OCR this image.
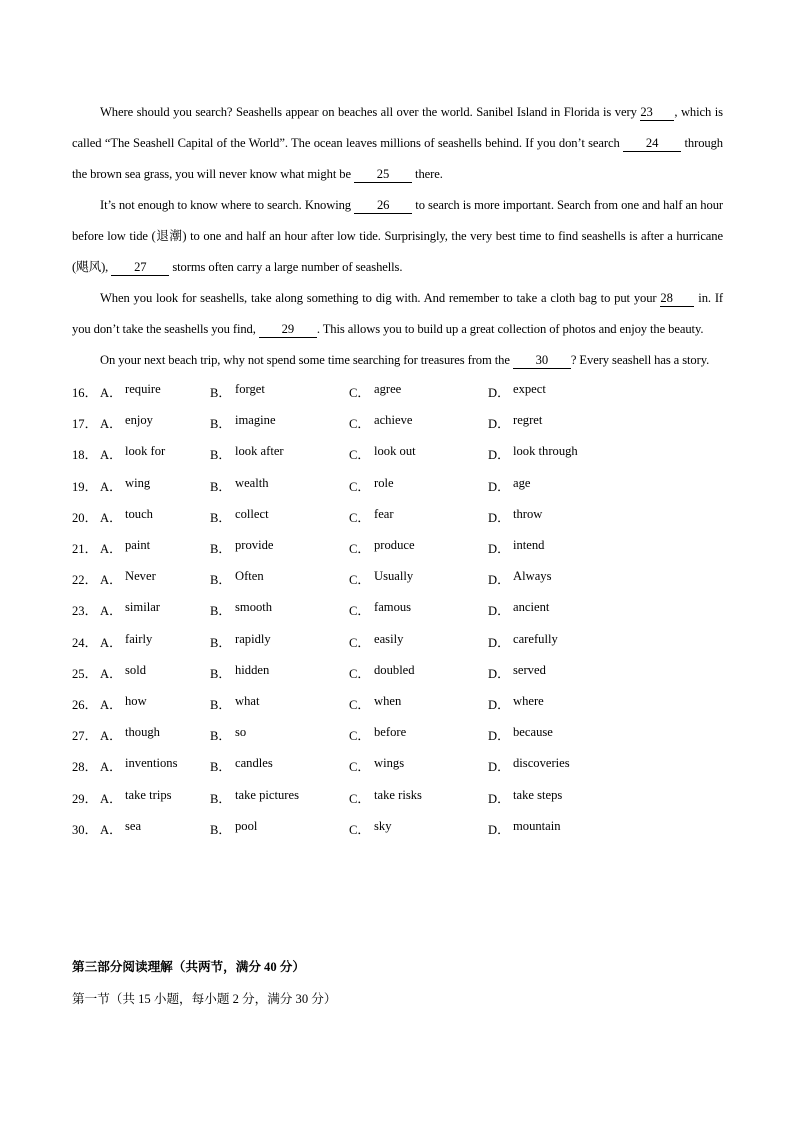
Where should you search? Seashells appear on beaches all over the world. Sanibel Island in Florida is very 23 , which is called “The Seashell Capital of the World”. The ocean leaves millions of seashells behind. If you don’t search 24 through the brown sea grass, you will never know what might be 25 there.

It’s not enough to know where to search. Knowing 26 to search is more important. Search from one and half an hour before low tide (退潮) to one and half an hour after low tide. Surprisingly, the very best time to find seashells is after a hurricane (飓风), 27 storms often carry a large number of seashells.

When you look for seashells, take along something to dig with. And remember to take a cloth bag to put your 28 in. If you don’t take the seashells you find, 29 . This allows you to build up a great collection of photos and enjoy the beauty.

On your next beach trip, why not spend some time searching for treasures from the 30 ? Every seashell has a story.

16． A． require	B． forget	C． agree	D． expect
17． A． enjoy	B． imagine	C． achieve	D． regret
18． A． look for	B． look after	C． look out	D． look through
19． A． wing	B． wealth	C． role	D． age
20． A． touch	B． collect	C． fear	D． throw
21． A． paint	B． provide	C． produce	D． intend
22． A． Never	B． Often	C． Usually	D． Always
23． A． similar	B． smooth	C． famous	D． ancient
24． A． fairly	B． rapidly	C． easily	D． carefully
25． A． sold	B． hidden	C． doubled	D． served
26． A． how	B． what	C． when	D． where
27． A． though	B． so	C． before	D． because
28． A． inventions	B． candles	C． wings	D． discoveries
29． A． take trips	B． take pictures	C． take risks	D． take steps
30． A． sea	B． pool	C． sky	D． mountain
第三部分阅读理解（共两节，满分 40 分）
第一节（共 15 小题，每小题 2 分，满分 30 分）
